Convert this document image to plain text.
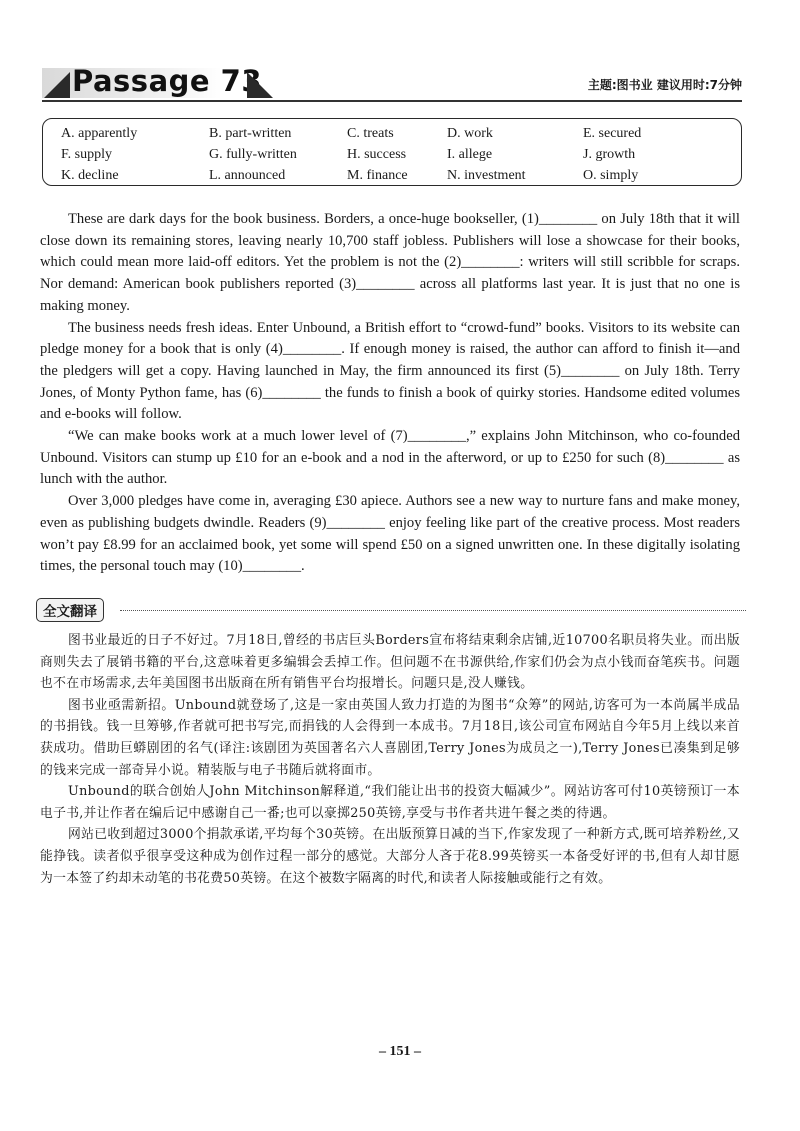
Passage 73	主题:图书业 建议用时:7分钟
A. apparently	B. part-written	C. treats	D. work	E. secured
F. supply	G. fully-written	H. success	I. allege	J. growth
K. decline	L. announced	M. finance	N. investment	O. simply

These are dark days for the book business. Borders, a once-huge bookseller, (1)________ on July 18th that it will close down its remaining stores, leaving nearly 10,700 staff jobless. Publishers will lose a showcase for their books, which could mean more laid-off editors. Yet the problem is not the (2)________: writers will still scribble for scraps. Nor demand: American book publishers reported (3)________ across all platforms last year. It is just that no one is making money.

The business needs fresh ideas. Enter Unbound, a British effort to “crowd-fund” books. Visitors to its website can pledge money for a book that is only (4)________. If enough money is raised, the author can afford to finish it—and the pledgers will get a copy. Having launched in May, the firm announced its first (5)________ on July 18th. Terry Jones, of Monty Python fame, has (6)________ the funds to finish a book of quirky stories. Handsome edited volumes and e-books will follow.

“We can make books work at a much lower level of (7)________,” explains John Mitchinson, who co-founded Unbound. Visitors can stump up £10 for an e-book and a nod in the afterword, or up to £250 for such (8)________ as lunch with the author.

Over 3,000 pledges have come in, averaging £30 apiece. Authors see a new way to nurture fans and make money, even as publishing budgets dwindle. Readers (9)________ enjoy feeling like part of the creative process. Most readers won’t pay £8.99 for an acclaimed book, yet some will spend £50 on a signed unwritten one. In these digitally isolating times, the personal touch may (10)________.

全文翻译

图书业最近的日子不好过。7月18日,曾经的书店巨头Borders宣布将结束剩余店铺,近10700名职员将失业。而出版商则失去了展销书籍的平台,这意味着更多编辑会丢掉工作。但问题不在书源供给,作家们仍会为点小钱而奋笔疾书。问题也不在市场需求,去年美国图书出版商在所有销售平台均报增长。问题只是,没人赚钱。

图书业亟需新招。Unbound就登场了,这是一家由英国人致力打造的为图书“众筹”的网站,访客可为一本尚属半成品的书捐钱。钱一旦筹够,作者就可把书写完,而捐钱的人会得到一本成书。7月18日,该公司宣布网站自今年5月上线以来首获成功。借助巨蟒剧团的名气(译注:该剧团为英国著名六人喜剧团,Terry Jones为成员之一),Terry Jones已凑集到足够的钱来完成一部奇异小说。精装版与电子书随后就将面市。

Unbound的联合创始人John Mitchinson解释道,“我们能让出书的投资大幅减少”。网站访客可付10英镑预订一本电子书,并让作者在编后记中感谢自己一番;也可以豪掷250英镑,享受与书作者共进午餐之类的待遇。

网站已收到超过3000个捐款承诺,平均每个30英镑。在出版预算日减的当下,作家发现了一种新方式,既可培养粉丝,又能挣钱。读者似乎很享受这种成为创作过程一部分的感觉。大部分人吝于花8.99英镑买一本备受好评的书,但有人却甘愿为一本签了约却未动笔的书花费50英镑。在这个被数字隔离的时代,和读者人际接触或能行之有效。

– 151 –
